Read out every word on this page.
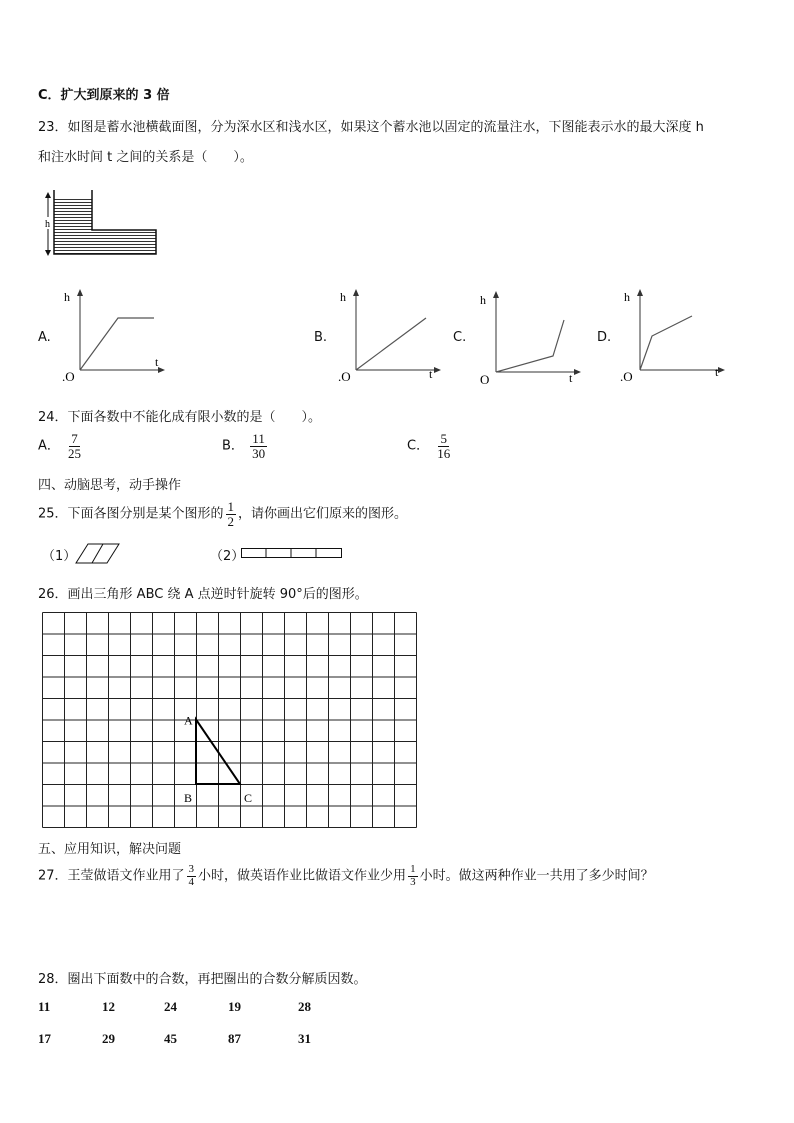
C．扩大到原来的 3 倍
23．如图是蓄水池横截面图，分为深水区和浅水区，如果这个蓄水池以固定的流量注水，下图能表示水的最大深度 h
和注水时间 t 之间的关系是（　　）。
h
A.
h
t
.O
B.
h
t
.O
C.
h
t
O
D.
h
t
.O
24．下面各数中不能化成有限小数的是（　　）。
A． $\frac{7}{25}$	B． $\frac{11}{30}$	C． $\frac{5}{16}$
四、动脑思考，动手操作
25．下面各图分别是某个图形的 $\frac{1}{2}$ ，请你画出它们原来的图形。
（1）	（2）
26．画出三角形 ABC 绕 A 点逆时针旋转 90°后的图形。
A
B	C
五、应用知识，解决问题
27．王莹做语文作业用了 $\frac{3}{4}$ 小时，做英语作业比做语文作业少用 $\frac{1}{3}$ 小时。做这两种作业一共用了多少时间？
28．圈出下面数中的合数，再把圈出的合数分解质因数。
11	12	24	19	28
17	29	45	87	31
